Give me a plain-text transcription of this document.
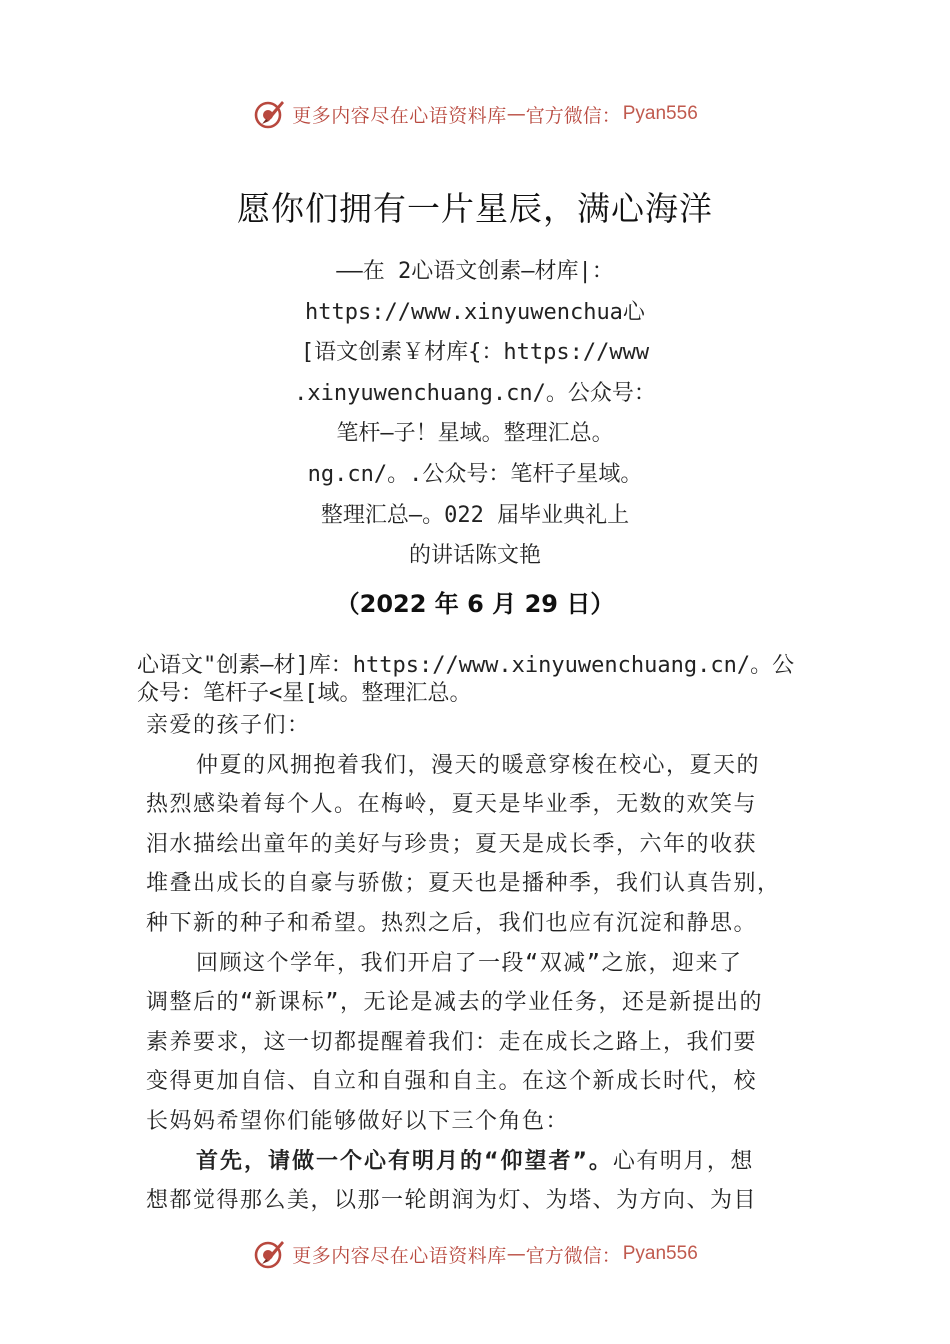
更多内容尽在心语资料库 — 官方微信： Pyan556
愿你们拥有一片星辰，满心海洋
——在 2心语文创素—材库|：
https://www.xinyuwenchua心
[语文创素￥材库{：https://www
.xinyuwenchuang.cn/。公众号：
笔杆—子！星域。整理汇总。
ng.cn/。.公众号：笔杆子星域。
整理汇总—。022 届毕业典礼上
的讲话陈文艳
（2022 年 6 月 29 日）
心语文"创素—材]库：https://www.xinyuwenchuang.cn/。公
众号：笔杆子<星[域。整理汇总。
亲爱的孩子们：
仲夏的风拥抱着我们，漫天的暖意穿梭在校心，夏天的
热烈感染着每个人。在梅岭，夏天是毕业季，无数的欢笑与
泪水描绘出童年的美好与珍贵；夏天是成长季，六年的收获
堆叠出成长的自豪与骄傲；夏天也是播种季，我们认真告别，
种下新的种子和希望。热烈之后，我们也应有沉淀和静思。
回顾这个学年，我们开启了一段“双减”之旅，迎来了
调整后的“新课标”，无论是减去的学业任务，还是新提出的
素养要求，这一切都提醒着我们：走在成长之路上，我们要
变得更加自信、自立和自强和自主。在这个新成长时代，校
长妈妈希望你们能够做好以下三个角色：
首先，请做一个心有明月的“仰望者”。心有明月，想
想都觉得那么美，以那一轮朗润为灯、为塔、为方向、为目
更多内容尽在心语资料库 — 官方微信： Pyan556
